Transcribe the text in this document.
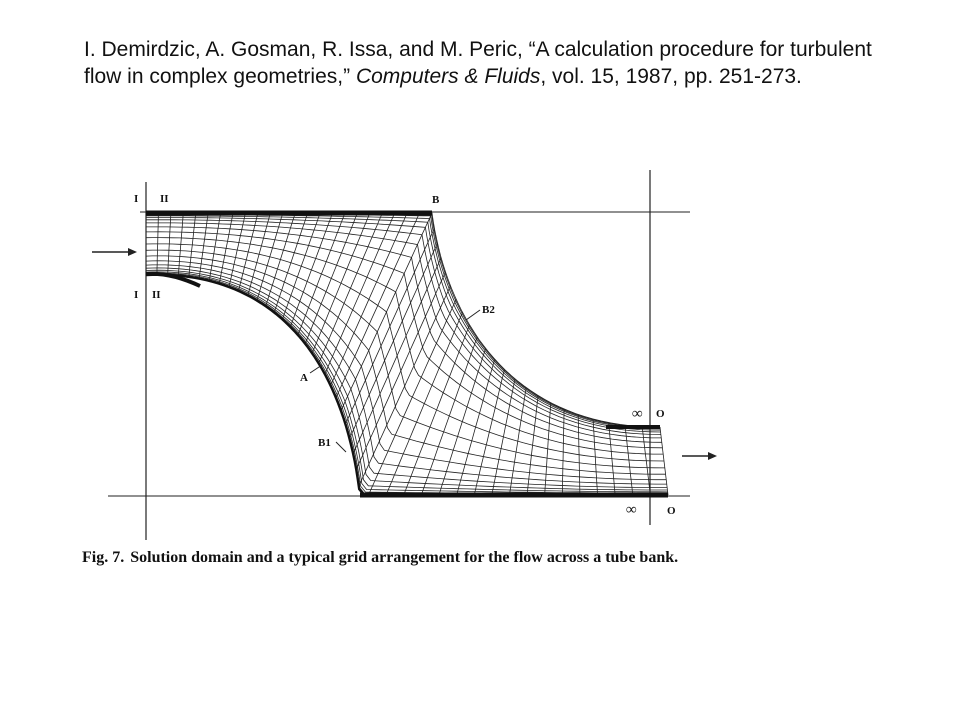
I. Demirdzic, A. Gosman, R. Issa, and M. Peric, “A calculation procedure for turbulent flow in complex geometries,” Computers & Fluids, vol. 15, 1987, pp. 251-273.
I II
I II
B
B2
A
B1
∞ O
∞	O
Fig. 7. Solution domain and a typical grid arrangement for the flow across a tube bank.
